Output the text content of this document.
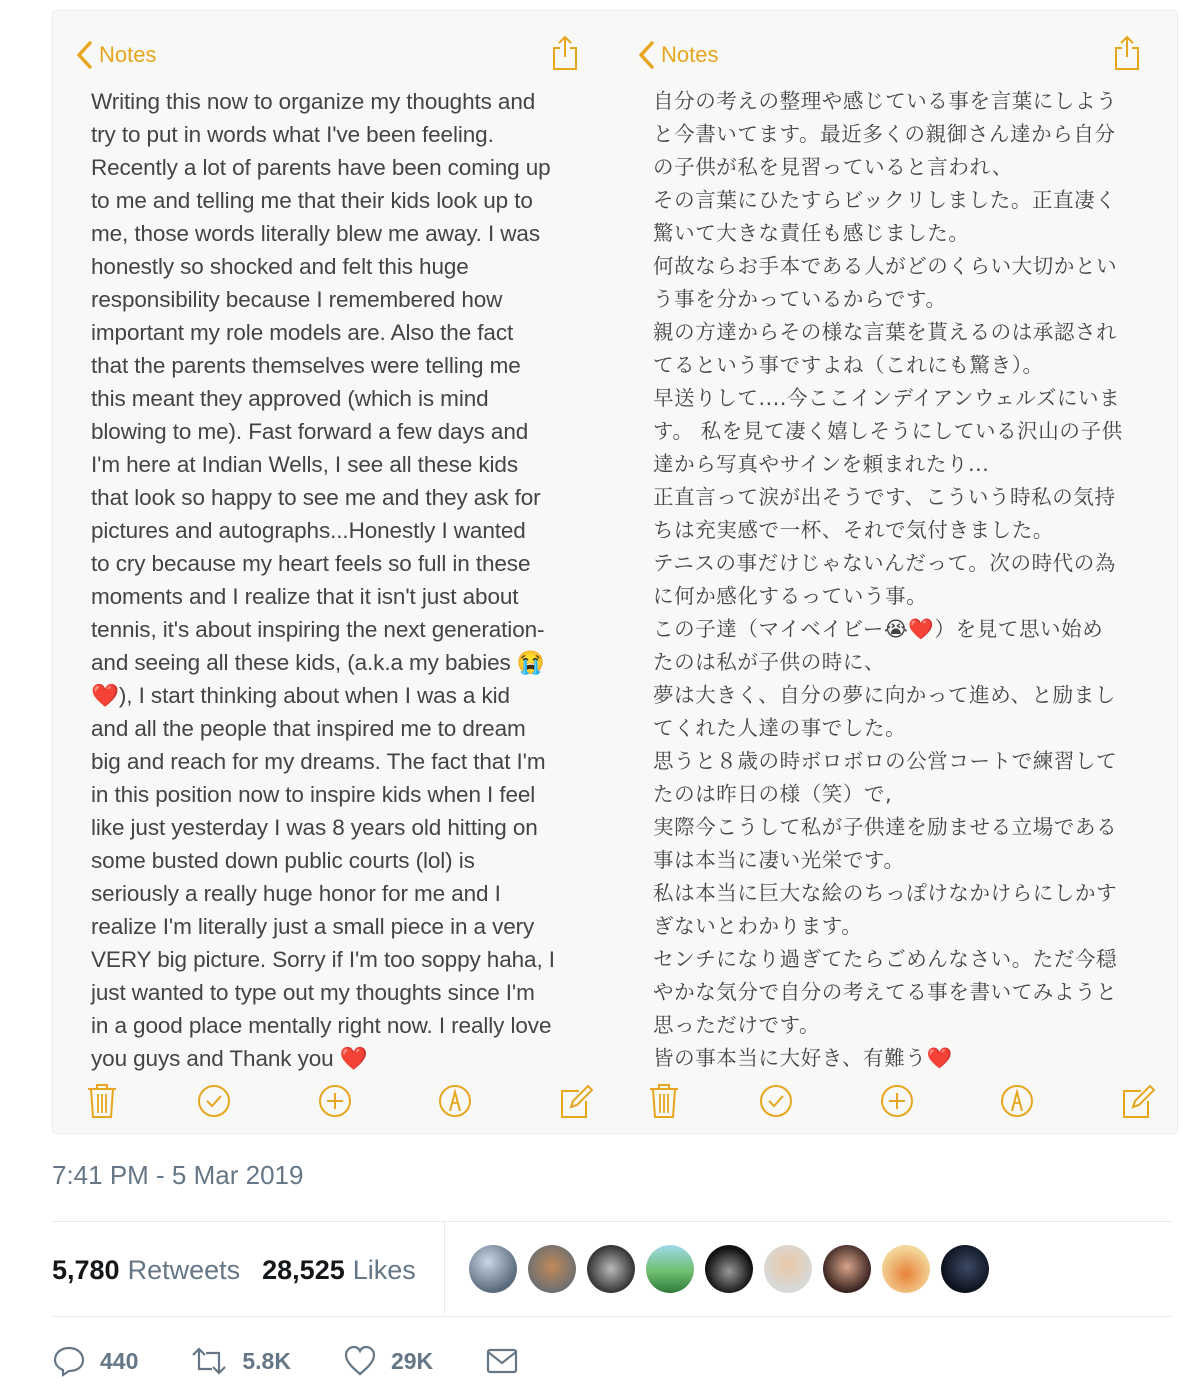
Notes
Writing this now to organize my thoughts and
try to put in words what I've been feeling.
Recently a lot of parents have been coming up
to me and telling me that their kids look up to
me, those words literally blew me away. I was
honestly so shocked and felt this huge
responsibility because I remembered how
important my role models are. Also the fact
that the parents themselves were telling me
this meant they approved (which is mind
blowing to me). Fast forward a few days and
I'm here at Indian Wells, I see all these kids
that look so happy to see me and they ask for
pictures and autographs...Honestly I wanted
to cry because my heart feels so full in these
moments and I realize that it isn't just about
tennis, it's about inspiring the next generation-
and seeing all these kids, (a.k.a my babies 😭
❤️), I start thinking about when I was a kid
and all the people that inspired me to dream
big and reach for my dreams. The fact that I'm
in this position now to inspire kids when I feel
like just yesterday I was 8 years old hitting on
some busted down public courts (lol) is
seriously a really huge honor for me and I
realize I'm literally just a small piece in a very
VERY big picture. Sorry if I'm too soppy haha, I
just wanted to type out my thoughts since I'm
in a good place mentally right now. I really love
you guys and Thank you ❤️
Notes
自分の考えの整理や感じている事を言葉にしよう
と今書いてます。最近多くの親御さん達から自分
の子供が私を見習っていると言われ、
その言葉にひたすらビックリしました。正直凄く
驚いて大きな責任も感じました。
何故ならお手本である人がどのくらい大切かとい
う事を分かっているからです。
親の方達からその様な言葉を貰えるのは承認され
てるという事ですよね（これにも驚き）。
早送りして....今ここインデイアンウェルズにいま
す。 私を見て凄く嬉しそうにしている沢山の子供
達から写真やサインを頼まれたり...
正直言って涙が出そうです、こういう時私の気持
ちは充実感で一杯、それで気付きました。
テニスの事だけじゃないんだって。次の時代の為
に何か感化するっていう事。
この子達（マイベイビー😭❤️）を見て思い始め
たのは私が子供の時に、
夢は大きく、自分の夢に向かって進め、と励まし
てくれた人達の事でした。
思うと８歳の時ボロボロの公営コートで練習して
たのは昨日の様（笑）で,
実際今こうして私が子供達を励ませる立場である
事は本当に凄い光栄です。
私は本当に巨大な絵のちっぽけなかけらにしかす
ぎないとわかります。
センチになり過ぎてたらごめんなさい。ただ今穏
やかな気分で自分の考えてる事を書いてみようと
思っただけです。
皆の事本当に大好き、有難う❤️
7:41 PM - 5 Mar 2019
5,780 Retweets 28,525 Likes
440	5.8K	29K
